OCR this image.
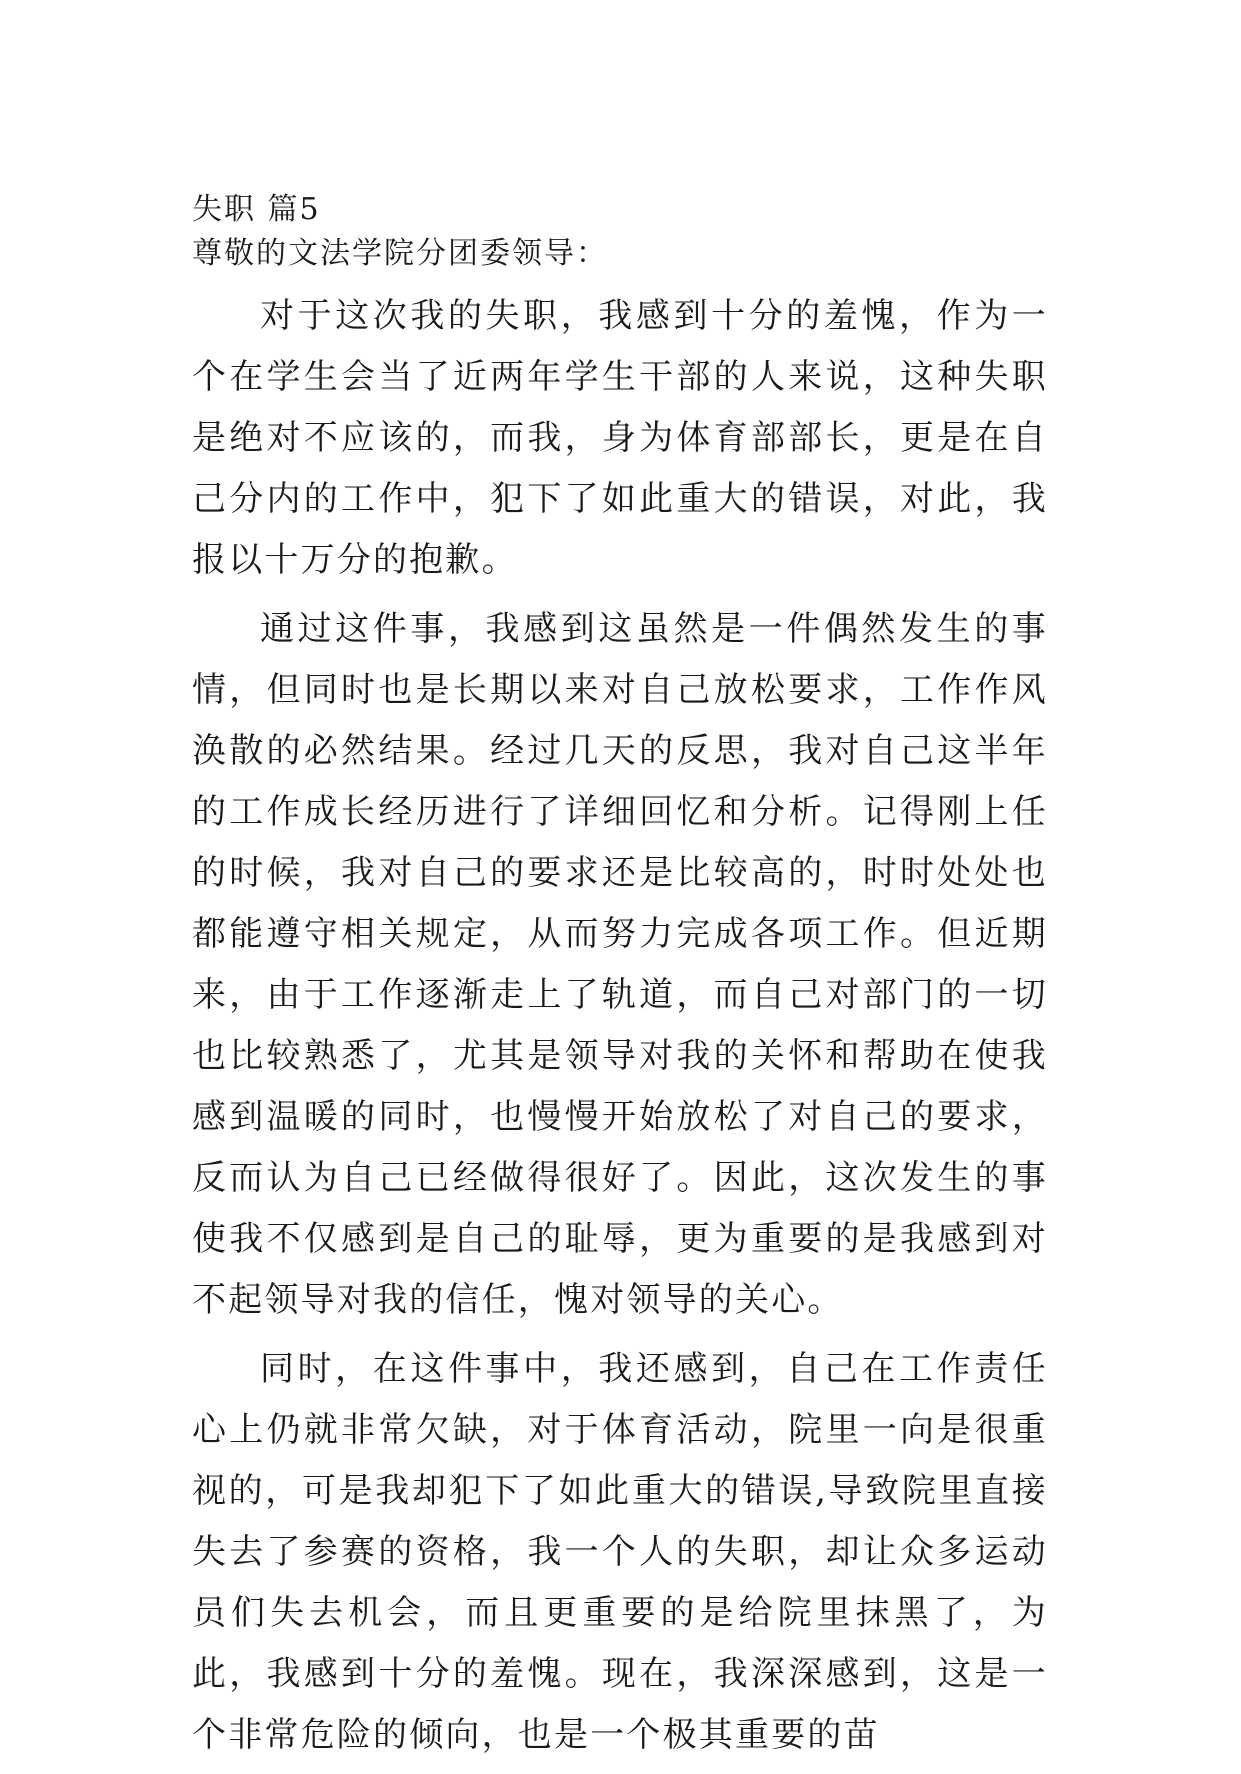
失职 篇5

尊敬的文法学院分团委领导：

对于这次我的失职，我感到十分的羞愧，作为一个在学生会当了近两年学生干部的人来说，这种失职是绝对不应该的，而我，身为体育部部长，更是在自己分内的工作中，犯下了如此重大的错误，对此，我报以十万分的抱歉。

通过这件事，我感到这虽然是一件偶然发生的事情，但同时也是长期以来对自己放松要求，工作作风涣散的必然结果。经过几天的反思，我对自己这半年的工作成长经历进行了详细回忆和分析。记得刚上任的时候，我对自己的要求还是比较高的，时时处处也都能遵守相关规定，从而努力完成各项工作。但近期来，由于工作逐渐走上了轨道，而自己对部门的一切也比较熟悉了，尤其是领导对我的关怀和帮助在使我感到温暖的同时，也慢慢开始放松了对自己的要求，反而认为自己已经做得很好了。因此，这次发生的事使我不仅感到是自己的耻辱，更为重要的是我感到对不起领导对我的信任，愧对领导的关心。

同时，在这件事中，我还感到，自己在工作责任心上仍就非常欠缺，对于体育活动，院里一向是很重视的，可是我却犯下了如此重大的错误,导致院里直接失去了参赛的资格，我一个人的失职，却让众多运动员们失去机会，而且更重要的是给院里抹黑了，为此，我感到十分的羞愧。现在，我深深感到，这是一个非常危险的倾向，也是一个极其重要的苗
